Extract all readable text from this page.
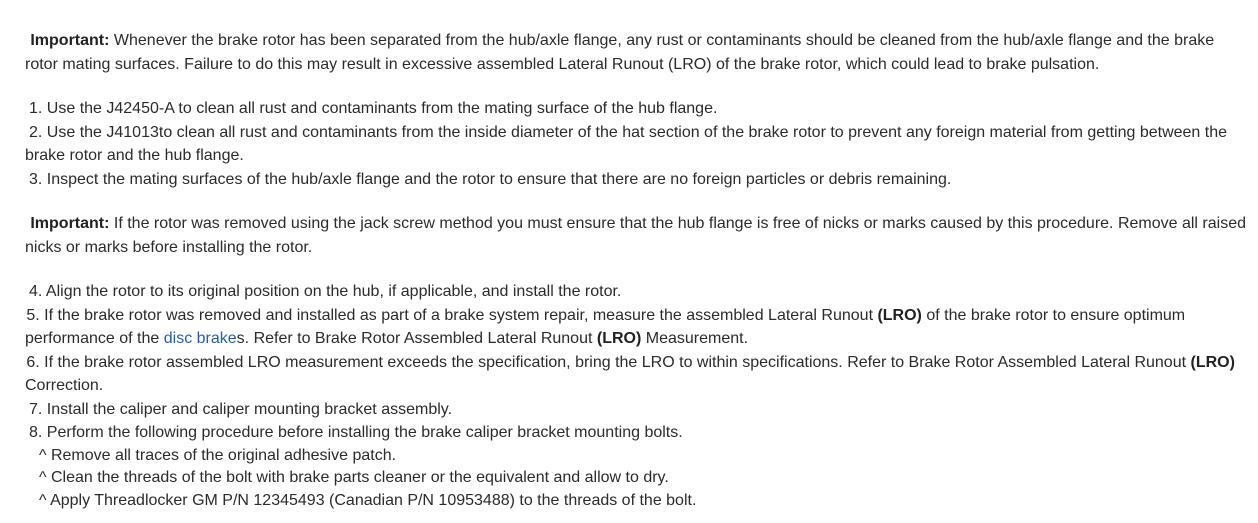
 Important: Whenever the brake rotor has been separated from the hub/axle flange, any rust or contaminants should be cleaned from the hub/axle flange and the brake rotor mating surfaces. Failure to do this may result in excessive assembled Lateral Runout (LRO) of the brake rotor, which could lead to brake pulsation.

1. Use the J42450-A to clean all rust and contaminants from the mating surface of the hub flange.

2. Use the J41013to clean all rust and contaminants from the inside diameter of the hat section of the brake rotor to prevent any foreign material from getting between the brake rotor and the hub flange.

3. Inspect the mating surfaces of the hub/axle flange and the rotor to ensure that there are no foreign particles or debris remaining.

 Important: If the rotor was removed using the jack screw method you must ensure that the hub flange is free of nicks or marks caused by this procedure. Remove all raised nicks or marks before installing the rotor.

4. Align the rotor to its original position on the hub, if applicable, and install the rotor.

 5. If the brake rotor was removed and installed as part of a brake system repair, measure the assembled Lateral Runout (LRO) of the brake rotor to ensure optimum performance of the disc brakes. Refer to Brake Rotor Assembled Lateral Runout (LRO) Measurement.

 6. If the brake rotor assembled LRO measurement exceeds the specification, bring the LRO to within specifications. Refer to Brake Rotor Assembled Lateral Runout (LRO) Correction.

7. Install the caliper and caliper mounting bracket assembly.

8. Perform the following procedure before installing the brake caliper bracket mounting bolts.

^ Remove all traces of the original adhesive patch.

^ Clean the threads of the bolt with brake parts cleaner or the equivalent and allow to dry.

^ Apply Threadlocker GM P/N 12345493 (Canadian P/N 10953488) to the threads of the bolt.
